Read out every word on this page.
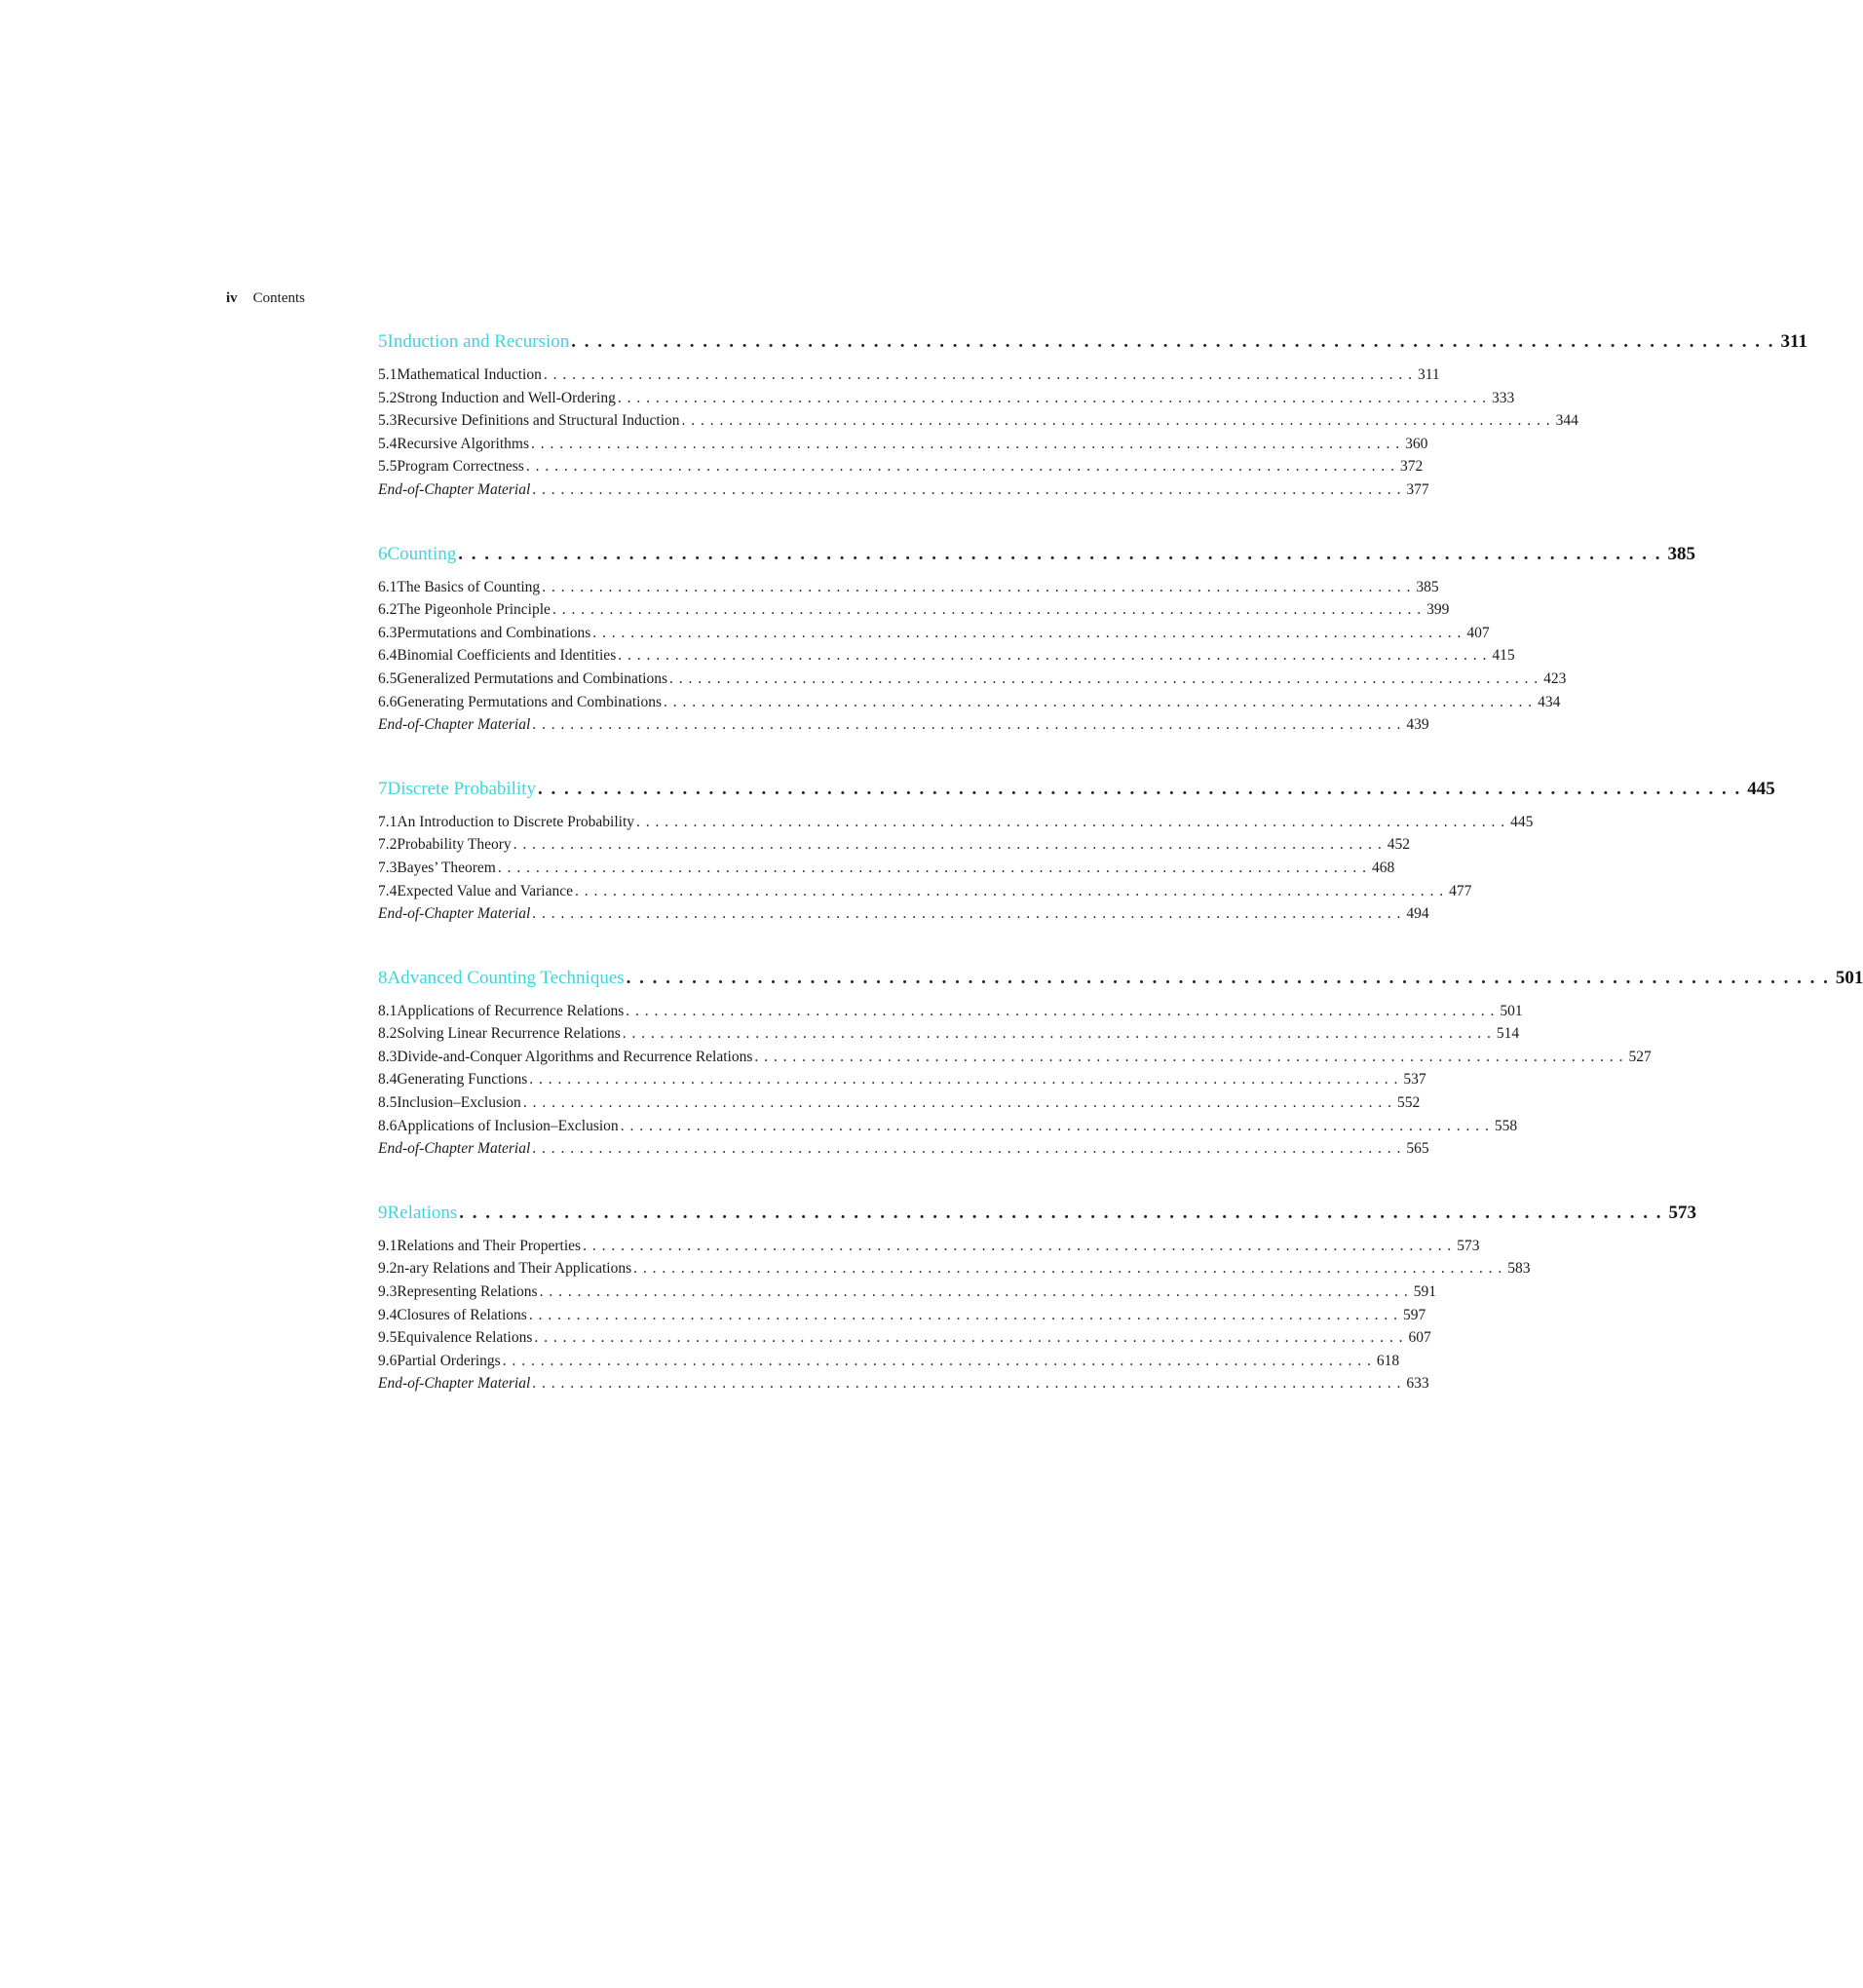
iv Contents
5 Induction and Recursion . . . . . . . . . . . . . . . . . . . . . . . . . . . . . . . . . . . . . . . . . . . . . . . . . . . . . . . . . . . . . . . . . . . . . . . . . . . . . . . . . . . . . . . . . . . . 311
5.1 Mathematical Induction . . . . . . . . . . . . . . . . . . . . . . . . . . . . . . . . . . . . . . . . . . . . . . . . . . . . . . . . . . . . . . . . . . . . . . . . . . . . . . . . . . . . . . . . . . . . 311
5.2 Strong Induction and Well-Ordering . . . . . . . . . . . . . . . . . . . . . . . . . . . . . . . . . . . . . . . . . . . . . . . . . . . . . . . . . . . . . . . . . . . . . . . . . . . . . . . . . . . . . . . . . . . . 333
5.3 Recursive Definitions and Structural Induction . . . . . . . . . . . . . . . . . . . . . . . . . . . . . . . . . . . . . . . . . . . . . . . . . . . . . . . . . . . . . . . . . . . . . . . . . . . . . . . . . . . . . . . . . . . . 344
5.4 Recursive Algorithms . . . . . . . . . . . . . . . . . . . . . . . . . . . . . . . . . . . . . . . . . . . . . . . . . . . . . . . . . . . . . . . . . . . . . . . . . . . . . . . . . . . . . . . . . . . . 360
5.5 Program Correctness . . . . . . . . . . . . . . . . . . . . . . . . . . . . . . . . . . . . . . . . . . . . . . . . . . . . . . . . . . . . . . . . . . . . . . . . . . . . . . . . . . . . . . . . . . . . 372
End-of-Chapter Material . . . . . . . . . . . . . . . . . . . . . . . . . . . . . . . . . . . . . . . . . . . . . . . . . . . . . . . . . . . . . . . . . . . . . . . . . . . . . . . . . . . . . . . . . . . . 377
6 Counting . . . . . . . . . . . . . . . . . . . . . . . . . . . . . . . . . . . . . . . . . . . . . . . . . . . . . . . . . . . . . . . . . . . . . . . . . . . . . . . . . . . . . . . . . . . . 385
6.1 The Basics of Counting . . . . . . . . . . . . . . . . . . . . . . . . . . . . . . . . . . . . . . . . . . . . . . . . . . . . . . . . . . . . . . . . . . . . . . . . . . . . . . . . . . . . . . . . . . . . 385
6.2 The Pigeonhole Principle . . . . . . . . . . . . . . . . . . . . . . . . . . . . . . . . . . . . . . . . . . . . . . . . . . . . . . . . . . . . . . . . . . . . . . . . . . . . . . . . . . . . . . . . . . . . 399
6.3 Permutations and Combinations . . . . . . . . . . . . . . . . . . . . . . . . . . . . . . . . . . . . . . . . . . . . . . . . . . . . . . . . . . . . . . . . . . . . . . . . . . . . . . . . . . . . . . . . . . . . 407
6.4 Binomial Coefficients and Identities . . . . . . . . . . . . . . . . . . . . . . . . . . . . . . . . . . . . . . . . . . . . . . . . . . . . . . . . . . . . . . . . . . . . . . . . . . . . . . . . . . . . . . . . . . . . 415
6.5 Generalized Permutations and Combinations . . . . . . . . . . . . . . . . . . . . . . . . . . . . . . . . . . . . . . . . . . . . . . . . . . . . . . . . . . . . . . . . . . . . . . . . . . . . . . . . . . . . . . . . . . . . 423
6.6 Generating Permutations and Combinations . . . . . . . . . . . . . . . . . . . . . . . . . . . . . . . . . . . . . . . . . . . . . . . . . . . . . . . . . . . . . . . . . . . . . . . . . . . . . . . . . . . . . . . . . . . . 434
End-of-Chapter Material . . . . . . . . . . . . . . . . . . . . . . . . . . . . . . . . . . . . . . . . . . . . . . . . . . . . . . . . . . . . . . . . . . . . . . . . . . . . . . . . . . . . . . . . . . . . 439
7 Discrete Probability . . . . . . . . . . . . . . . . . . . . . . . . . . . . . . . . . . . . . . . . . . . . . . . . . . . . . . . . . . . . . . . . . . . . . . . . . . . . . . . . . . . . . . . . . . . . 445
7.1 An Introduction to Discrete Probability . . . . . . . . . . . . . . . . . . . . . . . . . . . . . . . . . . . . . . . . . . . . . . . . . . . . . . . . . . . . . . . . . . . . . . . . . . . . . . . . . . . . . . . . . . . . 445
7.2 Probability Theory . . . . . . . . . . . . . . . . . . . . . . . . . . . . . . . . . . . . . . . . . . . . . . . . . . . . . . . . . . . . . . . . . . . . . . . . . . . . . . . . . . . . . . . . . . . . 452
7.3 Bayes’ Theorem . . . . . . . . . . . . . . . . . . . . . . . . . . . . . . . . . . . . . . . . . . . . . . . . . . . . . . . . . . . . . . . . . . . . . . . . . . . . . . . . . . . . . . . . . . . . 468
7.4 Expected Value and Variance . . . . . . . . . . . . . . . . . . . . . . . . . . . . . . . . . . . . . . . . . . . . . . . . . . . . . . . . . . . . . . . . . . . . . . . . . . . . . . . . . . . . . . . . . . . . 477
End-of-Chapter Material . . . . . . . . . . . . . . . . . . . . . . . . . . . . . . . . . . . . . . . . . . . . . . . . . . . . . . . . . . . . . . . . . . . . . . . . . . . . . . . . . . . . . . . . . . . . 494
8 Advanced Counting Techniques . . . . . . . . . . . . . . . . . . . . . . . . . . . . . . . . . . . . . . . . . . . . . . . . . . . . . . . . . . . . . . . . . . . . . . . . . . . . . . . . . . . . . . . . . . . . 501
8.1 Applications of Recurrence Relations . . . . . . . . . . . . . . . . . . . . . . . . . . . . . . . . . . . . . . . . . . . . . . . . . . . . . . . . . . . . . . . . . . . . . . . . . . . . . . . . . . . . . . . . . . . . 501
8.2 Solving Linear Recurrence Relations . . . . . . . . . . . . . . . . . . . . . . . . . . . . . . . . . . . . . . . . . . . . . . . . . . . . . . . . . . . . . . . . . . . . . . . . . . . . . . . . . . . . . . . . . . . . 514
8.3 Divide-and-Conquer Algorithms and Recurrence Relations . . . . . . . . . . . . . . . . . . . . . . . . . . . . . . . . . . . . . . . . . . . . . . . . . . . . . . . . . . . . . . . . . . . . . . . . . . . . . . . . . . . . . . . . . . . . 527
8.4 Generating Functions . . . . . . . . . . . . . . . . . . . . . . . . . . . . . . . . . . . . . . . . . . . . . . . . . . . . . . . . . . . . . . . . . . . . . . . . . . . . . . . . . . . . . . . . . . . . 537
8.5 Inclusion–Exclusion . . . . . . . . . . . . . . . . . . . . . . . . . . . . . . . . . . . . . . . . . . . . . . . . . . . . . . . . . . . . . . . . . . . . . . . . . . . . . . . . . . . . . . . . . . . . 552
8.6 Applications of Inclusion–Exclusion . . . . . . . . . . . . . . . . . . . . . . . . . . . . . . . . . . . . . . . . . . . . . . . . . . . . . . . . . . . . . . . . . . . . . . . . . . . . . . . . . . . . . . . . . . . . 558
End-of-Chapter Material . . . . . . . . . . . . . . . . . . . . . . . . . . . . . . . . . . . . . . . . . . . . . . . . . . . . . . . . . . . . . . . . . . . . . . . . . . . . . . . . . . . . . . . . . . . . 565
9 Relations . . . . . . . . . . . . . . . . . . . . . . . . . . . . . . . . . . . . . . . . . . . . . . . . . . . . . . . . . . . . . . . . . . . . . . . . . . . . . . . . . . . . . . . . . . . . 573
9.1 Relations and Their Properties . . . . . . . . . . . . . . . . . . . . . . . . . . . . . . . . . . . . . . . . . . . . . . . . . . . . . . . . . . . . . . . . . . . . . . . . . . . . . . . . . . . . . . . . . . . . 573
9.2 n-ary Relations and Their Applications . . . . . . . . . . . . . . . . . . . . . . . . . . . . . . . . . . . . . . . . . . . . . . . . . . . . . . . . . . . . . . . . . . . . . . . . . . . . . . . . . . . . . . . . . . . . 583
9.3 Representing Relations . . . . . . . . . . . . . . . . . . . . . . . . . . . . . . . . . . . . . . . . . . . . . . . . . . . . . . . . . . . . . . . . . . . . . . . . . . . . . . . . . . . . . . . . . . . . 591
9.4 Closures of Relations . . . . . . . . . . . . . . . . . . . . . . . . . . . . . . . . . . . . . . . . . . . . . . . . . . . . . . . . . . . . . . . . . . . . . . . . . . . . . . . . . . . . . . . . . . . . 597
9.5 Equivalence Relations . . . . . . . . . . . . . . . . . . . . . . . . . . . . . . . . . . . . . . . . . . . . . . . . . . . . . . . . . . . . . . . . . . . . . . . . . . . . . . . . . . . . . . . . . . . . 607
9.6 Partial Orderings . . . . . . . . . . . . . . . . . . . . . . . . . . . . . . . . . . . . . . . . . . . . . . . . . . . . . . . . . . . . . . . . . . . . . . . . . . . . . . . . . . . . . . . . . . . . 618
End-of-Chapter Material . . . . . . . . . . . . . . . . . . . . . . . . . . . . . . . . . . . . . . . . . . . . . . . . . . . . . . . . . . . . . . . . . . . . . . . . . . . . . . . . . . . . . . . . . . . . 633
